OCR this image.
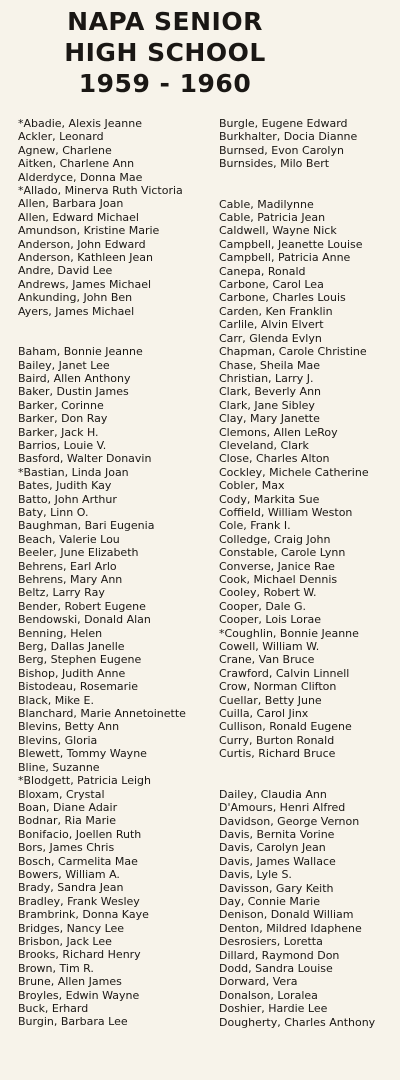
NAPA SENIOR
HIGH SCHOOL
1959 - 1960
*Abadie, Alexis Jeanne
Ackler, Leonard
Agnew, Charlene
Aitken, Charlene Ann
Alderdyce, Donna Mae
*Allado, Minerva Ruth Victoria
Allen, Barbara Joan
Allen, Edward Michael
Amundson, Kristine Marie
Anderson, John Edward
Anderson, Kathleen Jean
Andre, David Lee
Andrews, James Michael
Ankunding, John Ben
Ayers, James Michael
Baham, Bonnie Jeanne
Bailey, Janet Lee
Baird, Allen Anthony
Baker, Dustin James
Barker, Corinne
Barker, Don Ray
Barker, Jack H.
Barrios, Louie V.
Basford, Walter Donavin
*Bastian, Linda Joan
Bates, Judith Kay
Batto, John Arthur
Baty, Linn O.
Baughman, Bari Eugenia
Beach, Valerie Lou
Beeler, June Elizabeth
Behrens, Earl Arlo
Behrens, Mary Ann
Beltz, Larry Ray
Bender, Robert Eugene
Bendowski, Donald Alan
Benning, Helen
Berg, Dallas Janelle
Berg, Stephen Eugene
Bishop, Judith Anne
Bistodeau, Rosemarie
Black, Mike E.
Blanchard, Marie Annetoinette
Blevins, Betty Ann
Blevins, Gloria
Blewett, Tommy Wayne
Bline, Suzanne
*Blodgett, Patricia Leigh
Bloxam, Crystal
Boan, Diane Adair
Bodnar, Ria Marie
Bonifacio, Joellen Ruth
Bors, James Chris
Bosch, Carmelita Mae
Bowers, William A.
Brady, Sandra Jean
Bradley, Frank Wesley
Brambrink, Donna Kaye
Bridges, Nancy Lee
Brisbon, Jack Lee
Brooks, Richard Henry
Brown, Tim R.
Brune, Allen James
Broyles, Edwin Wayne
Buck, Erhard
Burgin, Barbara Lee
Burgle, Eugene Edward
Burkhalter, Docia Dianne
Burnsed, Evon Carolyn
Burnsides, Milo Bert
Cable, Madilynne
Cable, Patricia Jean
Caldwell, Wayne Nick
Campbell, Jeanette Louise
Campbell, Patricia Anne
Canepa, Ronald
Carbone, Carol Lea
Carbone, Charles Louis
Carden, Ken Franklin
Carlile, Alvin Elvert
Carr, Glenda Evlyn
Chapman, Carole Christine
Chase, Sheila Mae
Christian, Larry J.
Clark, Beverly Ann
Clark, Jane Sibley
Clay, Mary Janette
Clemons, Allen LeRoy
Cleveland, Clark
Close, Charles Alton
Cockley, Michele Catherine
Cobler, Max
Cody, Markita Sue
Coffield, William Weston
Cole, Frank I.
Colledge, Craig John
Constable, Carole Lynn
Converse, Janice Rae
Cook, Michael Dennis
Cooley, Robert W.
Cooper, Dale G.
Cooper, Lois Lorae
*Coughlin, Bonnie Jeanne
Cowell, William W.
Crane, Van Bruce
Crawford, Calvin Linnell
Crow, Norman Clifton
Cuellar, Betty June
Cuilla, Carol Jinx
Cullison, Ronald Eugene
Curry, Burton Ronald
Curtis, Richard Bruce
Dailey, Claudia Ann
D'Amours, Henri Alfred
Davidson, George Vernon
Davis, Bernita Vorine
Davis, Carolyn Jean
Davis, James Wallace
Davis, Lyle S.
Davisson, Gary Keith
Day, Connie Marie
Denison, Donald William
Denton, Mildred Idaphene
Desrosiers, Loretta
Dillard, Raymond Don
Dodd, Sandra Louise
Dorward, Vera
Donalson, Loralea
Doshier, Hardie Lee
Dougherty, Charles Anthony
